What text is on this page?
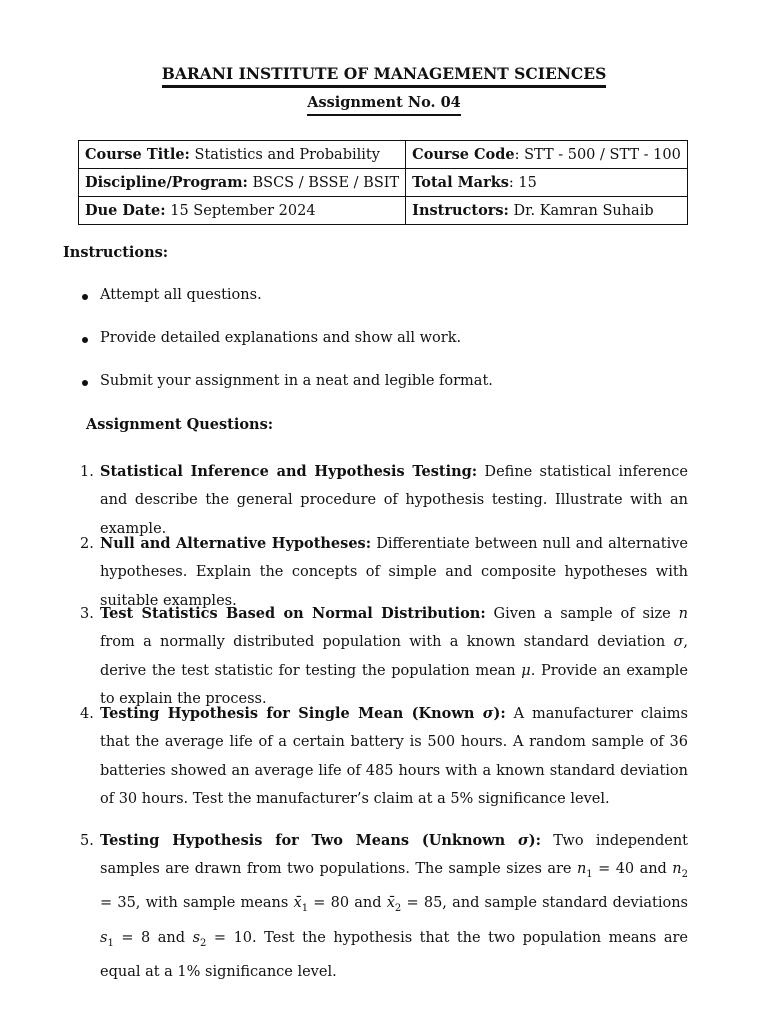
BARANI INSTITUTE OF MANAGEMENT SCIENCES
Assignment No. 04
Course Title: Statistics and Probability	Course Code: STT - 500 / STT - 100
Discipline/Program: BSCS / BSSE / BSIT	Total Marks: 15
Due Date: 15 September 2024	Instructors: Dr. Kamran Suhaib
Instructions:
Attempt all questions.
Provide detailed explanations and show all work.
Submit your assignment in a neat and legible format.
Assignment Questions:
1. Statistical Inference and Hypothesis Testing: Define statistical inference and describe the general procedure of hypothesis testing. Illustrate with an example.
2. Null and Alternative Hypotheses: Differentiate between null and alternative hypotheses. Explain the concepts of simple and composite hypotheses with suitable examples.
3. Test Statistics Based on Normal Distribution: Given a sample of size n from a normally distributed population with a known standard deviation σ, derive the test statistic for testing the population mean μ. Provide an example to explain the process.
4. Testing Hypothesis for Single Mean (Known σ): A manufacturer claims that the average life of a certain battery is 500 hours. A random sample of 36 batteries showed an average life of 485 hours with a known standard deviation of 30 hours. Test the manufacturer’s claim at a 5% significance level.
5. Testing Hypothesis for Two Means (Unknown σ): Two independent samples are drawn from two populations. The sample sizes are $n_1 = 40$ and $n_2 = 35$, with sample means $x̄_1 = 80$ and $x̄_2 = 85$, and sample standard deviations $s_1 = 8$ and $s_2 = 10$. Test the hypothesis that the two population means are equal at a 1% significance level.
